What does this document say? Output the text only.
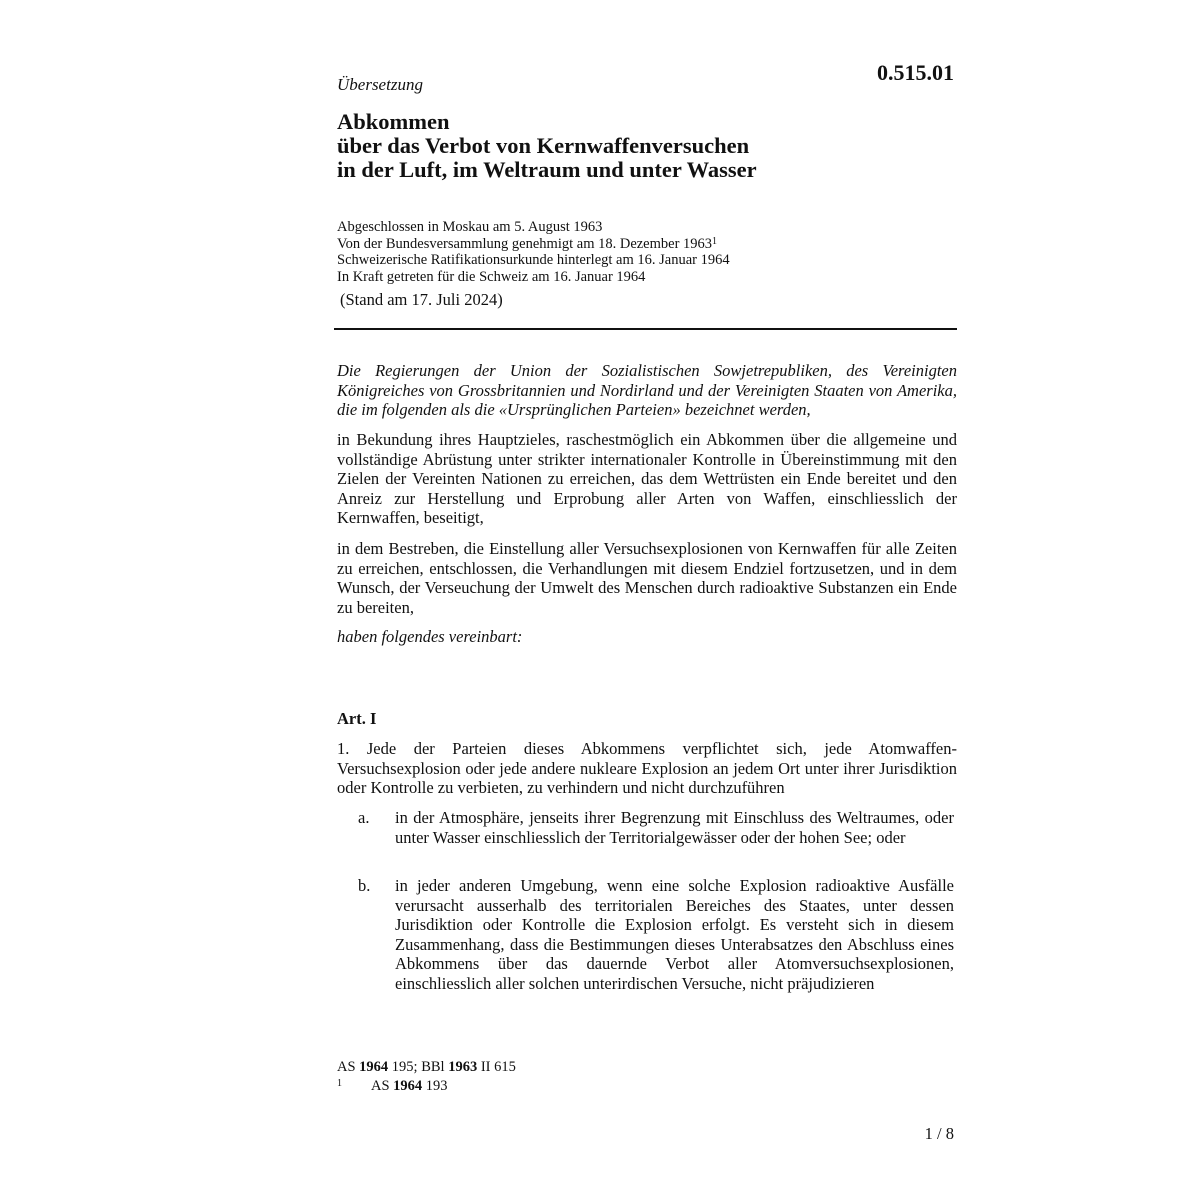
0.515.01
Übersetzung
Abkommen
über das Verbot von Kernwaffenversuchen
in der Luft, im Weltraum und unter Wasser
Abgeschlossen in Moskau am 5. August 1963
Von der Bundesversammlung genehmigt am 18. Dezember 1963$^1$
Schweizerische Ratifikationsurkunde hinterlegt am 16. Januar 1964
In Kraft getreten für die Schweiz am 16. Januar 1964
(Stand am 17. Juli 2024)
Die Regierungen der Union der Sozialistischen Sowjetrepubliken, des Vereinigten Königreiches von Grossbritannien und Nordirland und der Vereinigten Staaten von Amerika, die im folgenden als die «Ursprünglichen Parteien» bezeichnet werden,
in Bekundung ihres Hauptzieles, raschestmöglich ein Abkommen über die allgemeine und vollständige Abrüstung unter strikter internationaler Kontrolle in Übereinstimmung mit den Zielen der Vereinten Nationen zu erreichen, das dem Wettrüsten ein Ende bereitet und den Anreiz zur Herstellung und Erprobung aller Arten von Waffen, einschliesslich der Kernwaffen, beseitigt,
in dem Bestreben, die Einstellung aller Versuchsexplosionen von Kernwaffen für alle Zeiten zu erreichen, entschlossen, die Verhandlungen mit diesem Endziel fortzusetzen, und in dem Wunsch, der Verseuchung der Umwelt des Menschen durch radioaktive Substanzen ein Ende zu bereiten,
haben folgendes vereinbart:
Art. I
1. Jede der Parteien dieses Abkommens verpflichtet sich, jede Atomwaffen-Versuchsexplosion oder jede andere nukleare Explosion an jedem Ort unter ihrer Jurisdiktion oder Kontrolle zu verbieten, zu verhindern und nicht durchzuführen
a. in der Atmosphäre, jenseits ihrer Begrenzung mit Einschluss des Weltraumes, oder unter Wasser einschliesslich der Territorialgewässer oder der hohen See; oder
b. in jeder anderen Umgebung, wenn eine solche Explosion radioaktive Ausfälle verursacht ausserhalb des territorialen Bereiches des Staates, unter dessen Jurisdiktion oder Kontrolle die Explosion erfolgt. Es versteht sich in diesem Zusammenhang, dass die Bestimmungen dieses Unterabsatzes den Abschluss eines Abkommens über das dauernde Verbot aller Atomversuchsexplosionen, einschliesslich aller solchen unterirdischen Versuche, nicht präjudizieren
AS 1964 195; BBl 1963 II 615
1	AS 1964 193
1 / 8
